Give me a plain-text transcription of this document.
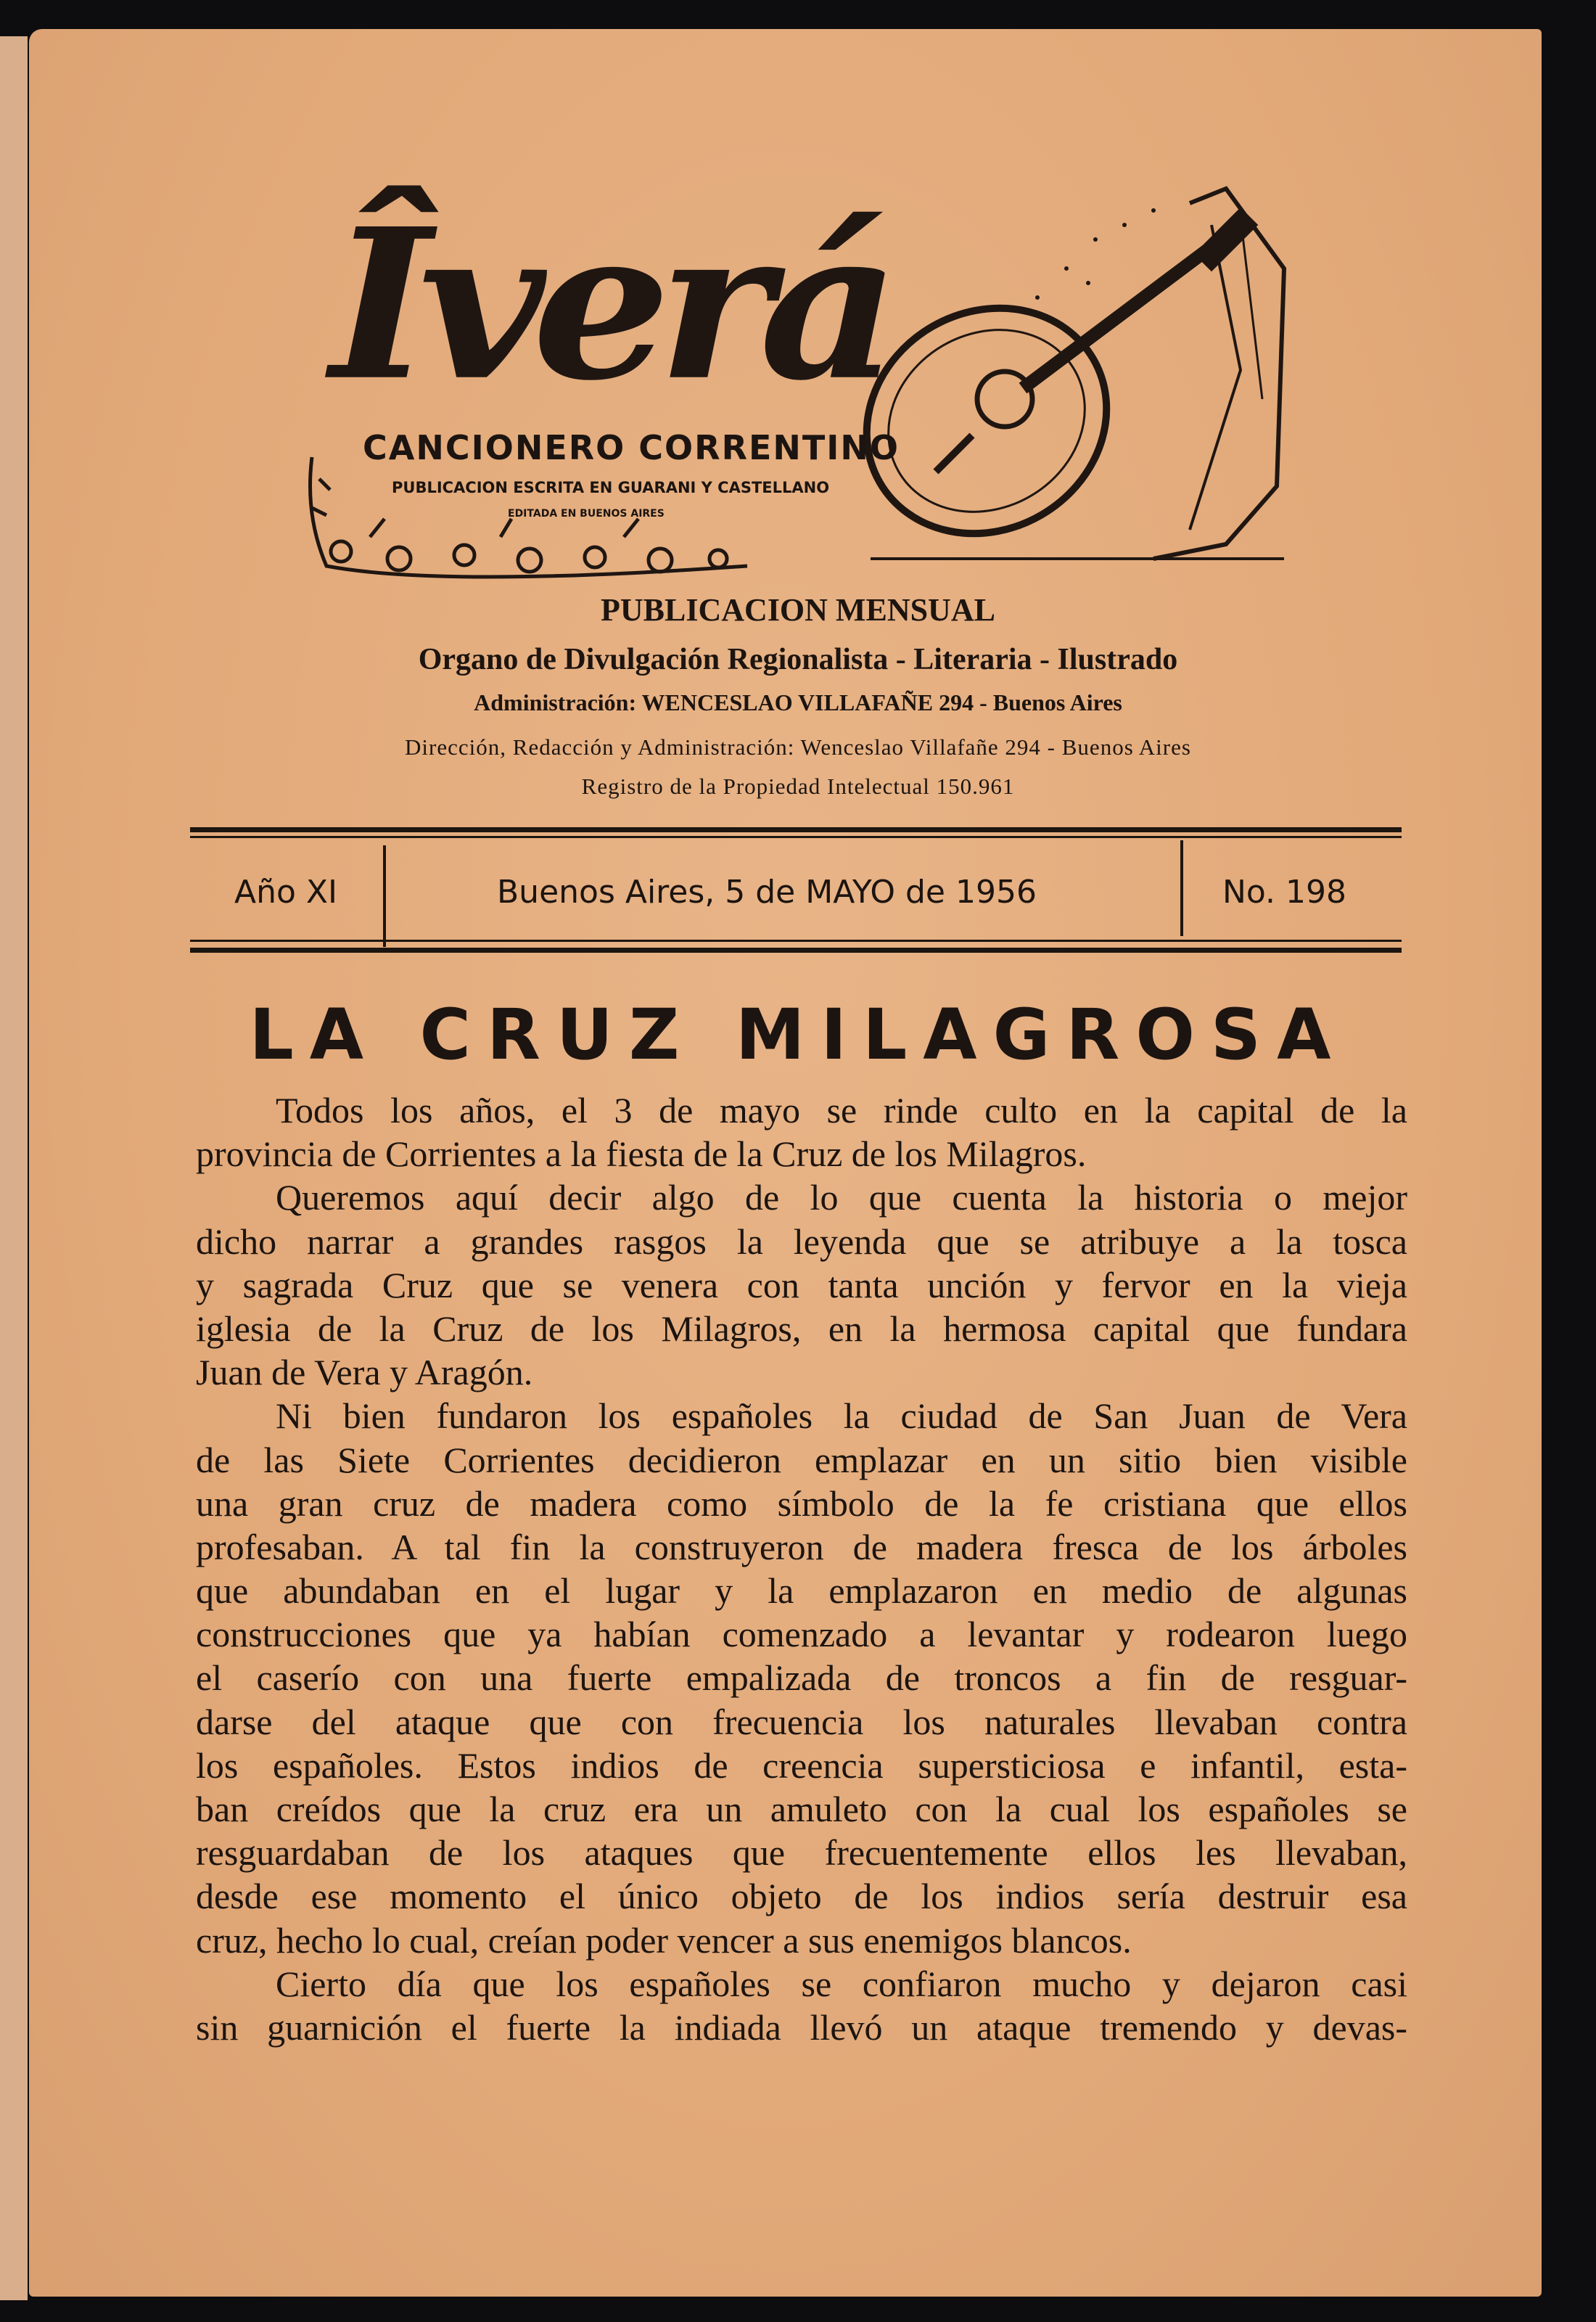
Îverá
CANCIONERO CORRENTINO
PUBLICACION ESCRITA EN GUARANI Y CASTELLANO
EDITADA EN BUENOS AIRES
PUBLICACION MENSUAL
Organo de Divulgación Regionalista - Literaria - Ilustrado
Administración: WENCESLAO VILLAFAÑE 294 - Buenos Aires
Dirección, Redacción y Administración: Wenceslao Villafañe 294 - Buenos Aires
Registro de la Propiedad Intelectual 150.961
Año XI	Buenos Aires, 5 de MAYO de 1956	No. 198
LA CRUZ MILAGROSA
Todos los años, el 3 de mayo se rinde culto en la capital de la
provincia de Corrientes a la fiesta de la Cruz de los Milagros.
Queremos aquí decir algo de lo que cuenta la historia o mejor
dicho narrar a grandes rasgos la leyenda que se atribuye a la tosca
y sagrada Cruz que se venera con tanta unción y fervor en la vieja
iglesia de la Cruz de los Milagros, en la hermosa capital que fundara
Juan de Vera y Aragón.
Ni bien fundaron los españoles la ciudad de San Juan de Vera
de las Siete Corrientes decidieron emplazar en un sitio bien visible
una gran cruz de madera como símbolo de la fe cristiana que ellos
profesaban. A tal fin la construyeron de madera fresca de los árboles
que abundaban en el lugar y la emplazaron en medio de algunas
construcciones que ya habían comenzado a levantar y rodearon luego
el caserío con una fuerte empalizada de troncos a fin de resguar-
darse del ataque que con frecuencia los naturales llevaban contra
los españoles. Estos indios de creencia supersticiosa e infantil, esta-
ban creídos que la cruz era un amuleto con la cual los españoles se
resguardaban de los ataques que frecuentemente ellos les llevaban,
desde ese momento el único objeto de los indios sería destruir esa
cruz, hecho lo cual, creían poder vencer a sus enemigos blancos.
Cierto día que los españoles se confiaron mucho y dejaron casi
sin guarnición el fuerte la indiada llevó un ataque tremendo y devas-
